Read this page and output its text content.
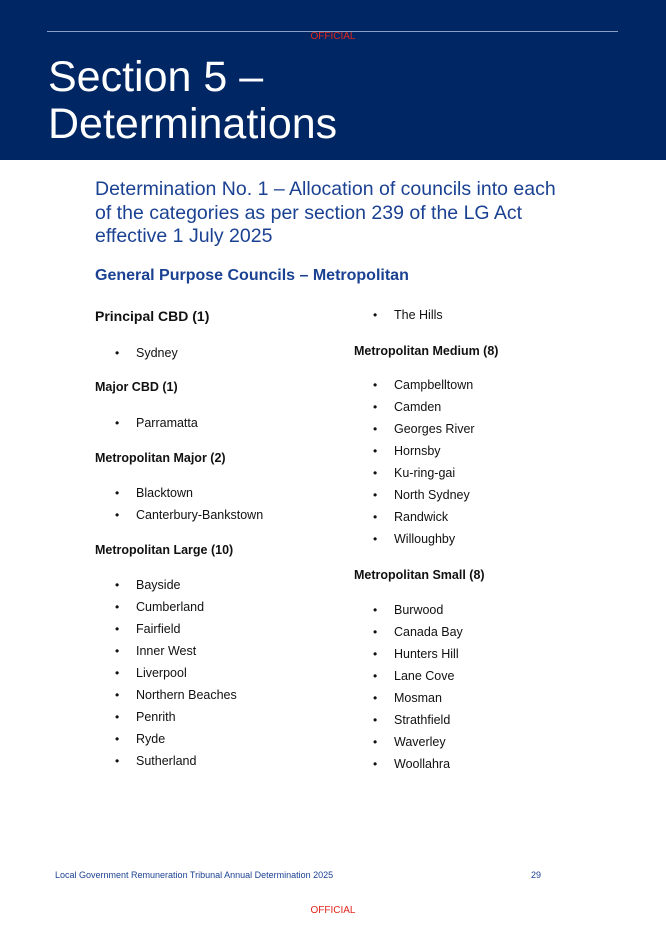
OFFICIAL
Section 5 –
Determinations
Determination No. 1 – Allocation of councils into each of the categories as per section 239 of the LG Act effective 1 July 2025
General Purpose Councils – Metropolitan

Principal CBD (1)

• Sydney

Major CBD (1)

• Parramatta

Metropolitan Major (2)

• Blacktown
• Canterbury-Bankstown

Metropolitan Large (10)

• Bayside
• Cumberland
• Fairfield
• Inner West
• Liverpool
• Northern Beaches
• Penrith
• Ryde
• Sutherland
• The Hills

Metropolitan Medium (8)

• Campbelltown
• Camden
• Georges River
• Hornsby
• Ku-ring-gai
• North Sydney
• Randwick
• Willoughby

Metropolitan Small (8)

• Burwood
• Canada Bay
• Hunters Hill
• Lane Cove
• Mosman
• Strathfield
• Waverley
• Woollahra
Local Government Remuneration Tribunal Annual Determination 2025	29
OFFICIAL
